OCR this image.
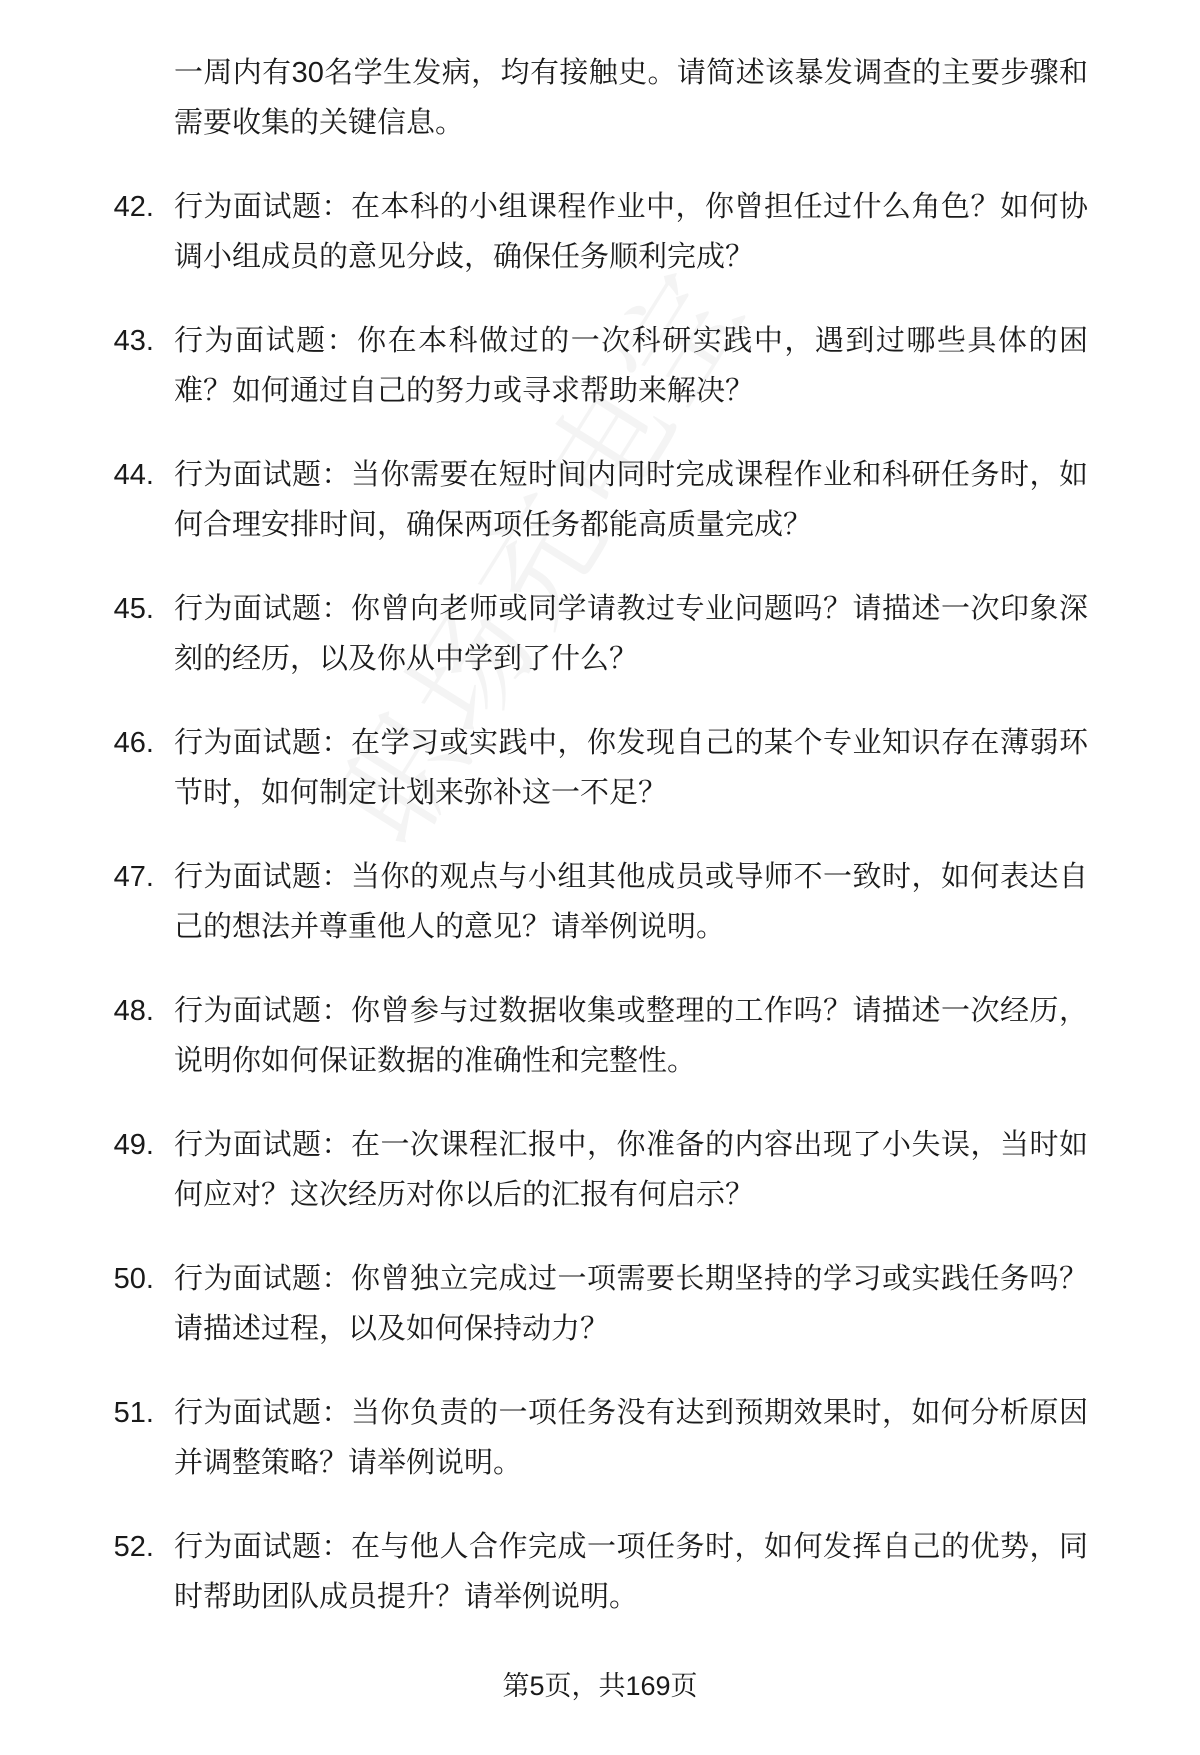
一周内有30名学生发病，均有接触史。请简述该暴发调查的主要步骤和需要收集的关键信息。
42. 行为面试题：在本科的小组课程作业中，你曾担任过什么角色？如何协调小组成员的意见分歧，确保任务顺利完成？
43. 行为面试题：你在本科做过的一次科研实践中，遇到过哪些具体的困难？如何通过自己的努力或寻求帮助来解决？
44. 行为面试题：当你需要在短时间内同时完成课程作业和科研任务时，如何合理安排时间，确保两项任务都能高质量完成？
45. 行为面试题：你曾向老师或同学请教过专业问题吗？请描述一次印象深刻的经历，以及你从中学到了什么？
46. 行为面试题：在学习或实践中，你发现自己的某个专业知识存在薄弱环节时，如何制定计划来弥补这一不足？
47. 行为面试题：当你的观点与小组其他成员或导师不一致时，如何表达自己的想法并尊重他人的意见？请举例说明。
48. 行为面试题：你曾参与过数据收集或整理的工作吗？请描述一次经历，说明你如何保证数据的准确性和完整性。
49. 行为面试题：在一次课程汇报中，你准备的内容出现了小失误，当时如何应对？这次经历对你以后的汇报有何启示？
50. 行为面试题：你曾独立完成过一项需要长期坚持的学习或实践任务吗？请描述过程，以及如何保持动力？
51. 行为面试题：当你负责的一项任务没有达到预期效果时，如何分析原因并调整策略？请举例说明。
52. 行为面试题：在与他人合作完成一项任务时，如何发挥自己的优势，同时帮助团队成员提升？请举例说明。
第5页，共169页
